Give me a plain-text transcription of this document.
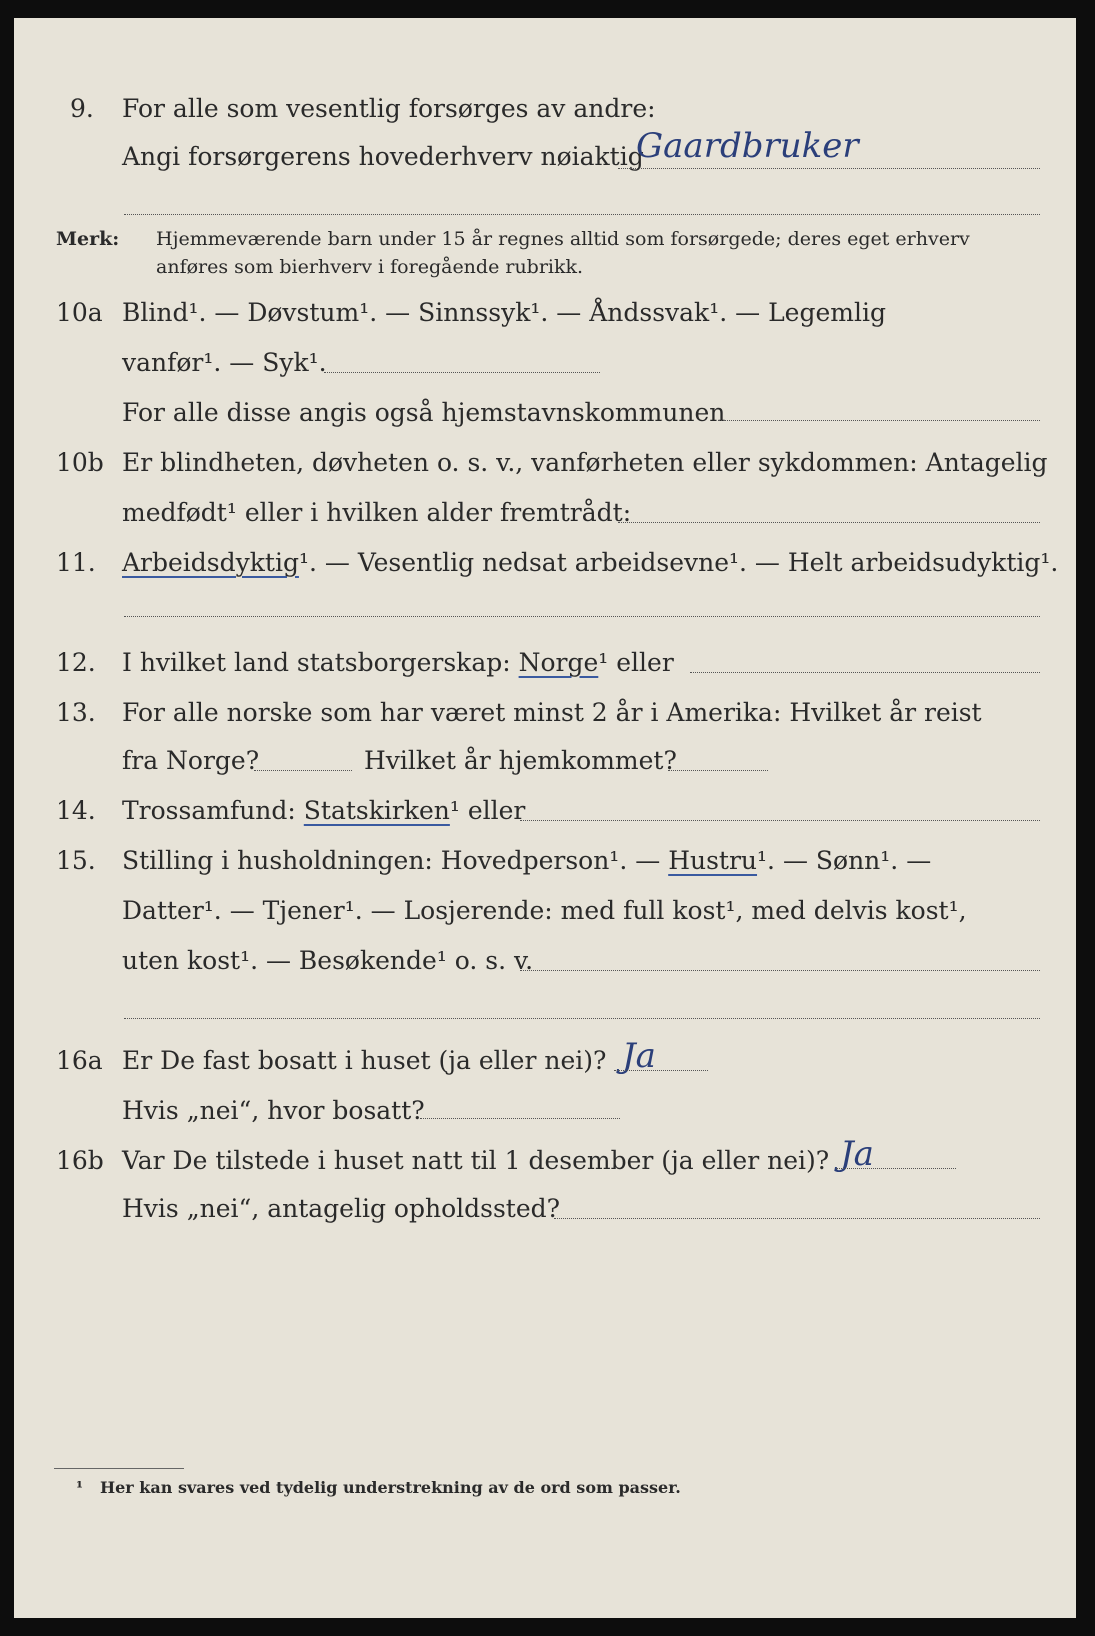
9. For alle som vesentlig forsørges av andre:
Angi forsørgerens hovederhverv nøiaktig
Gaardbruker
Merk: Hjemmeværende barn under 15 år regnes alltid som forsørgede; deres eget erhverv
anføres som bierhverv i foregående rubrikk.
10a Blind¹. — Døvstum¹. — Sinnssyk¹. — Åndssvak¹. — Legemlig
vanfør¹. — Syk¹.
For alle disse angis også hjemstavnskommunen
10b Er blindheten, døvheten o. s. v., vanførheten eller sykdommen: Antagelig
medfødt¹ eller i hvilken alder fremtrådt:
11. Arbeidsdyktig¹. — Vesentlig nedsat arbeidsevne¹. — Helt arbeidsudyktig¹.
12. I hvilket land statsborgerskap: Norge¹ eller
13. For alle norske som har været minst 2 år i Amerika: Hvilket år reist
fra Norge?	Hvilket år hjemkommet?
14. Trossamfund: Statskirken¹ eller
15. Stilling i husholdningen: Hovedperson¹. — Hustru¹. — Sønn¹. —
Datter¹. — Tjener¹. — Losjerende: med full kost¹, med delvis kost¹,
uten kost¹. — Besøkende¹ o. s. v.
16a Er De fast bosatt i huset (ja eller nei)? Ja
Hvis „nei“, hvor bosatt?
16b Var De tilstede i huset natt til 1 desember (ja eller nei)? Ja
Hvis „nei“, antagelig opholdssted?
¹ Her kan svares ved tydelig understrekning av de ord som passer.
